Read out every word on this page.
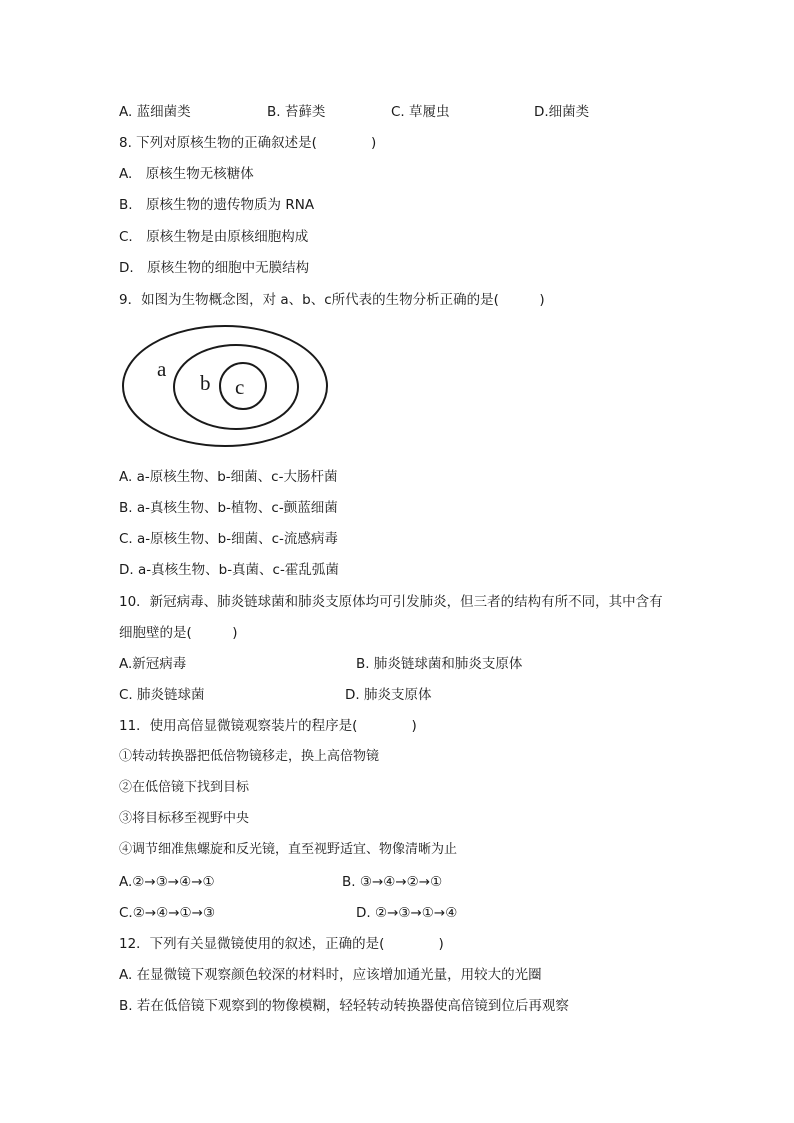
A. 蓝细菌类	B. 苔藓类	C. 草履虫	D.细菌类
8. 下列对原核生物的正确叙述是(　　　　)
A.　原核生物无核糖体
B.　原核生物的遗传物质为 RNA
C.　原核生物是由原核细胞构成
D.　原核生物的细胞中无膜结构
9．如图为生物概念图，对 a、b、c所代表的生物分析正确的是(　　　)
a
b c
A. a-原核生物、b-细菌、c-大肠杆菌
B. a-真核生物、b-植物、c-颤蓝细菌
C. a-原核生物、b-细菌、c-流感病毒
D. a-真核生物、b-真菌、c-霍乱弧菌
10．新冠病毒、肺炎链球菌和肺炎支原体均可引发肺炎，但三者的结构有所不同，其中含有
细胞壁的是(　　　)
A.新冠病毒	B. 肺炎链球菌和肺炎支原体
C. 肺炎链球菌	D. 肺炎支原体
11．使用高倍显微镜观察装片的程序是(　　　　)
①转动转换器把低倍物镜移走，换上高倍物镜
②在低倍镜下找到目标
③将目标移至视野中央
④调节细准焦螺旋和反光镜，直至视野适宜、物像清晰为止
A.②→③→④→①	B. ③→④→②→①
C.②→④→①→③	D. ②→③→①→④
12．下列有关显微镜使用的叙述，正确的是(　　　　)
A. 在显微镜下观察颜色较深的材料时，应该增加通光量，用较大的光圈
B. 若在低倍镜下观察到的物像模糊，轻轻转动转换器使高倍镜到位后再观察
